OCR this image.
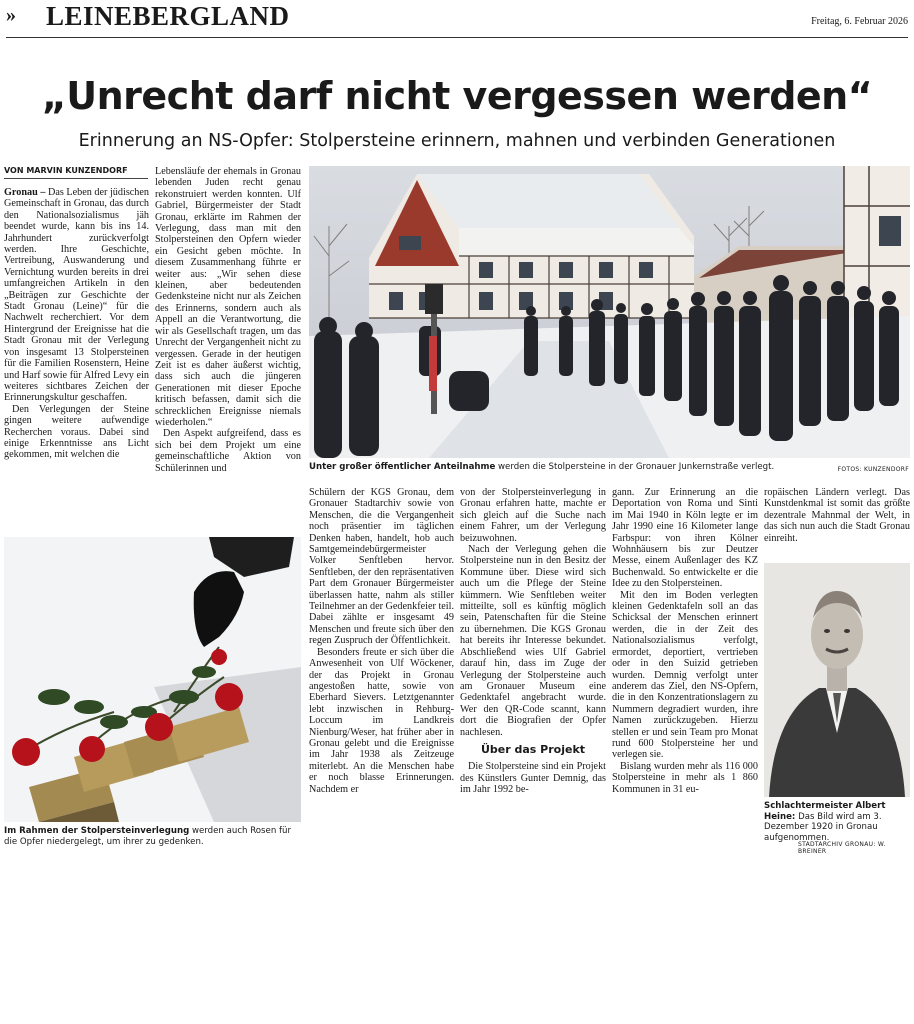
» LEINEBERGLAND	Freitag, 6. Februar 2026
„Unrecht darf nicht vergessen werden“
Erinnerung an NS-Opfer: Stolpersteine erinnern, mahnen und verbinden Generationen
VON MARVIN KUNZENDORF

Gronau – Das Leben der jüdischen Gemeinschaft in Gronau, das durch den Nationalsozialismus jäh beendet wurde, kann bis ins 14. Jahrhundert zurückverfolgt werden. Ihre Geschichte, Vertreibung, Auswanderung und Vernichtung wurden bereits in drei umfangreichen Artikeln in den „Beiträgen zur Geschichte der Stadt Gronau (Leine)“ für die Nachwelt recherchiert. Vor dem Hintergrund der Ereignisse hat die Stadt Gronau mit der Verlegung von insgesamt 13 Stolpersteinen für die Familien Rosenstern, Heine und Harf sowie für Alfred Levy ein weiteres sichtbares Zeichen der Erinnerungskultur geschaffen.

Den Verlegungen der Steine gingen weitere aufwendige Recherchen voraus. Dabei sind einige Erkenntnisse ans Licht gekommen, mit welchen die

Lebensläufe der ehemals in Gronau lebenden Juden recht genau rekonstruiert werden konnten. Ulf Gabriel, Bürgermeister der Stadt Gronau, erklärte im Rahmen der Verlegung, dass man mit den Stolpersteinen den Opfern wieder ein Gesicht geben möchte. In diesem Zusammenhang führte er weiter aus: „Wir sehen diese kleinen, aber bedeutenden Gedenksteine nicht nur als Zeichen des Erinnerns, sondern auch als Appell an die Verantwortung, die wir als Gesellschaft tragen, um das Unrecht der Vergangenheit nicht zu vergessen. Gerade in der heutigen Zeit ist es daher äußerst wichtig, dass sich auch die jüngeren Generationen mit dieser Epoche kritisch befassen, damit sich die schrecklichen Ereignisse niemals wiederholen.“

Den Aspekt aufgreifend, dass es sich bei dem Projekt um eine gemeinschaftliche Aktion von Schülerinnen und	Unter großer öffentlicher Anteilnahme werden die Stolpersteine in der Gronauer Junkernstraße verlegt.	FOTOS: KUNZENDORF

Schülern der KGS Gronau, dem Gronauer Stadtarchiv sowie von Menschen, die die Vergangenheit noch präsentier im täglichen Denken haben, handelt, hob auch Samtgemeindebürgermeister Volker Senftleben hervor. Senftleben, der den repräsentativen Part dem Gronauer Bürgermeister überlassen hatte, nahm als stiller Teilnehmer an der Gedenkfeier teil. Dabei zählte er insgesamt 49 Menschen und freute sich über den regen Zuspruch der Öffentlichkeit.

Besonders freute er sich über die Anwesenheit von Ulf Wöckener, der das Projekt in Gronau angestoßen hatte, sowie von Eberhard Sievers. Letztgenannter lebt inzwischen in Rehburg-Loccum im Landkreis Nienburg/Weser, hat früher aber in Gronau gelebt und die Ereignisse im Jahr 1938 als Zeitzeuge miterlebt. An die Menschen habe er noch blasse Erinnerungen. Nachdem er

von der Stolpersteinverlegung in Gronau erfahren hatte, machte er sich gleich auf die Suche nach einem Fahrer, um der Verlegung beizuwohnen.

Nach der Verlegung gehen die Stolpersteine nun in den Besitz der Kommune über. Diese wird sich auch um die Pflege der Steine kümmern. Wie Senftleben weiter mitteilte, soll es künftig möglich sein, Patenschaften für die Steine zu übernehmen. Die KGS Gronau hat bereits ihr Interesse bekundet. Abschließend wies Ulf Gabriel darauf hin, dass im Zuge der Verlegung der Stolpersteine auch am Gronauer Museum eine Gedenktafel angebracht wurde. Wer den QR-Code scannt, kann dort die Biografien der Opfer nachlesen.

Über das Projekt

Die Stolpersteine sind ein Projekt des Künstlers Gunter Demnig, das im Jahr 1992 be-

gann. Zur Erinnerung an die Deportation von Roma und Sinti im Mai 1940 in Köln legte er im Jahr 1990 eine 16 Kilometer lange Farbspur: von ihren Kölner Wohnhäusern bis zur Deutzer Messe, einem Außenlager des KZ Buchenwald. So entwickelte er die Idee zu den Stolpersteinen.

Mit den im Boden verlegten kleinen Gedenktafeln soll an das Schicksal der Menschen erinnert werden, die in der Zeit des Nationalsozialismus verfolgt, ermordet, deportiert, vertrieben oder in den Suizid getrieben wurden. Demnig verfolgt unter anderem das Ziel, den NS-Opfern, die in den Konzentrationslagern zu Nummern degradiert wurden, ihre Namen zurückzugeben. Hierzu stellen er und sein Team pro Monat rund 600 Stolpersteine her und verlegen sie.

Bislang wurden mehr als 116 000 Stolpersteine in mehr als 1 860 Kommunen in 31 eu-

ropäischen Ländern verlegt. Das Kunstdenkmal ist somit das größte dezentrale Mahnmal der Welt, in das sich nun auch die Stadt Gronau einreiht.

Im Rahmen der Stolpersteinverlegung werden auch Rosen für die Opfer niedergelegt, um ihrer zu gedenken.
Schlachtermeister Albert Heine: Das Bild wird am 3. Dezember 1920 in Gronau aufgenommen.
STADTARCHIV GRONAU: W. BREINER
